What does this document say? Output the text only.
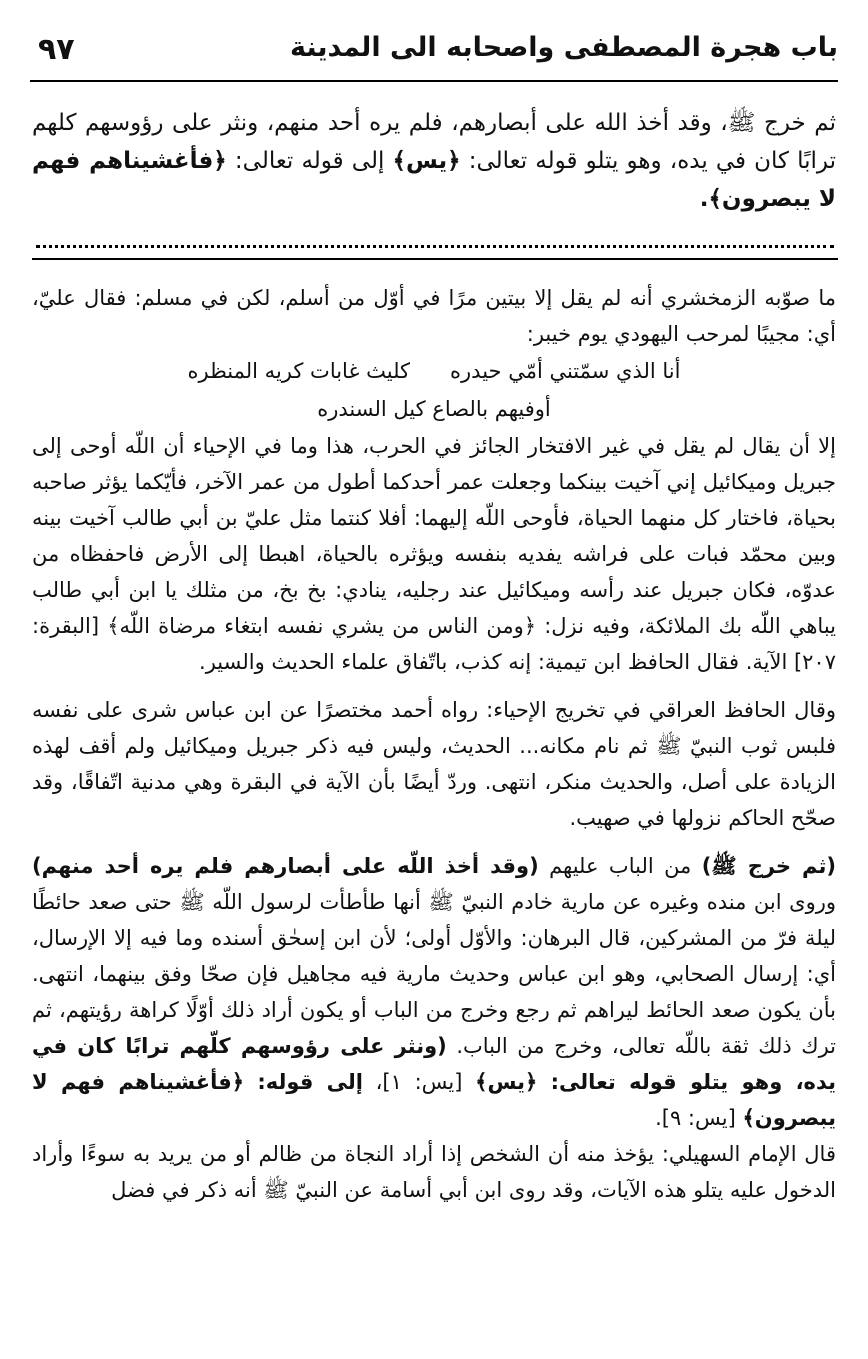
باب هجرة المصطفى واصحابه الى المدينة
٩٧

ثم خرج ﷺ، وقد أخذ الله على أبصارهم، فلم يره أحد منهم، ونثر على رؤوسهم كلهم ترابًا كان في يده، وهو يتلو قوله تعالى: ﴿يس﴾ إلى قوله تعالى: ﴿فأغشيناهم فهم لا يبصرون﴾.

ما صوّبه الزمخشري أنه لم يقل إلا بيتين مرًا في أوّل من أسلم، لكن في مسلم: فقال عليّ، أي: مجيبًا لمرحب اليهودي يوم خيبر:

أنا الذي سمّتني أمّي حيدرهكليث غابات كريه المنظره
أوفيهم بالصاع كيل السندره

إلا أن يقال لم يقل في غير الافتخار الجائز في الحرب، هذا وما في الإحياء أن اللّه أوحى إلى جبريل وميكائيل إني آخيت بينكما وجعلت عمر أحدكما أطول من عمر الآخر، فأيّكما يؤثر صاحبه بحياة، فاختار كل منهما الحياة، فأوحى اللّه إليهما: أفلا كنتما مثل عليّ بن أبي طالب آخيت بينه وبين محمّد فبات على فراشه يفديه بنفسه ويؤثره بالحياة، اهبطا إلى الأرض فاحفظاه من عدوّه، فكان جبريل عند رأسه وميكائيل عند رجليه، ينادي: بخ بخ، من مثلك يا ابن أبي طالب يباهي اللّه بك الملائكة، وفيه نزل: ﴿ومن الناس من يشري نفسه ابتغاء مرضاة اللّه﴾ [البقرة: ٢٠٧] الآية. فقال الحافظ ابن تيمية: إنه كذب، باتّفاق علماء الحديث والسير.

وقال الحافظ العراقي في تخريج الإحياء: رواه أحمد مختصرًا عن ابن عباس شرى على نفسه فلبس ثوب النبيّ ﷺ ثم نام مكانه... الحديث، وليس فيه ذكر جبريل وميكائيل ولم أقف لهذه الزيادة على أصل، والحديث منكر، انتهى. وردّ أيضًا بأن الآية في البقرة وهي مدنية اتّفاقًا، وقد صحّح الحاكم نزولها في صهيب.

(ثم خرج ﷺ) من الباب عليهم (وقد أخذ اللّه على أبصارهم فلم يره أحد منهم) وروى ابن منده وغيره عن مارية خادم النبيّ ﷺ أنها طأطأت لرسول اللّه ﷺ حتى صعد حائطًا ليلة فرّ من المشركين، قال البرهان: والأوّل أولى؛ لأن ابن إسحٰق أسنده وما فيه إلا الإرسال، أي: إرسال الصحابي، وهو ابن عباس وحديث مارية فيه مجاهيل فإن صحّا وفق بينهما، انتهى. بأن يكون صعد الحائط ليراهم ثم رجع وخرج من الباب أو يكون أراد ذلك أوّلًا كراهة رؤيتهم، ثم ترك ذلك ثقة باللّه تعالى، وخرج من الباب. (ونثر على رؤوسهم كلّهم ترابًا كان في يده، وهو يتلو قوله تعالى: ﴿يس﴾ [يس: ١]، إلى قوله: ﴿فأغشيناهم فهم لا يبصرون﴾ [يس: ٩].

قال الإمام السهيلي: يؤخذ منه أن الشخص إذا أراد النجاة من ظالم أو من يريد به سوءًا وأراد الدخول عليه يتلو هذه الآيات، وقد روى ابن أبي أسامة عن النبيّ ﷺ أنه ذكر في فضل
